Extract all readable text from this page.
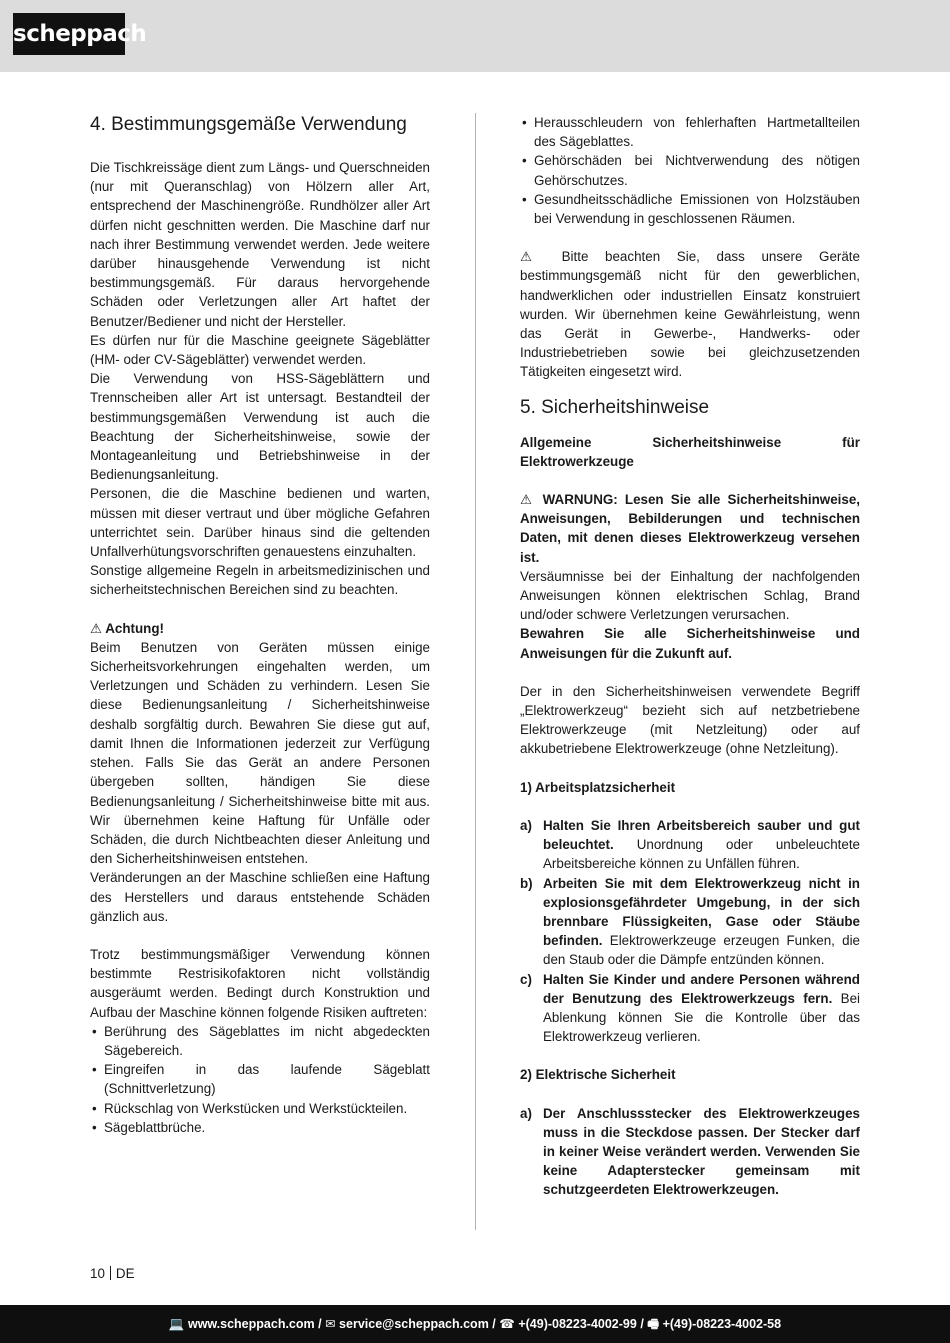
scheppach
4. Bestimmungsgemäße Verwendung

Die Tischkreissäge dient zum Längs- und Querschneiden (nur mit Queranschlag) von Hölzern aller Art, entsprechend der Maschinengröße. Rundhölzer aller Art dürfen nicht geschnitten werden. Die Maschine darf nur nach ihrer Bestimmung verwendet werden. Jede weitere darüber hinausgehende Verwendung ist nicht bestimmungsgemäß. Für daraus hervorgehende Schäden oder Verletzungen aller Art haftet der Benutzer/Bediener und nicht der Hersteller.

Es dürfen nur für die Maschine geeignete Sägeblätter (HM- oder CV-Sägeblätter) verwendet werden.

Die Verwendung von HSS-Sägeblättern und Trennscheiben aller Art ist untersagt. Bestandteil der bestimmungsgemäßen Verwendung ist auch die Beachtung der Sicherheitshinweise, sowie der Montageanleitung und Betriebshinweise in der Bedienungsanleitung.

Personen, die die Maschine bedienen und warten, müssen mit dieser vertraut und über mögliche Gefahren unterrichtet sein. Darüber hinaus sind die geltenden Unfallverhütungsvorschriften genauestens einzuhalten.

Sonstige allgemeine Regeln in arbeitsmedizinischen und sicherheitstechnischen Bereichen sind zu beachten.

⚠ Achtung!

Beim Benutzen von Geräten müssen einige Sicherheitsvorkehrungen eingehalten werden, um Verletzungen und Schäden zu verhindern. Lesen Sie diese Bedienungsanleitung / Sicherheitshinweise deshalb sorgfältig durch. Bewahren Sie diese gut auf, damit Ihnen die Informationen jederzeit zur Verfügung stehen. Falls Sie das Gerät an andere Personen übergeben sollten, händigen Sie diese Bedienungsanleitung / Sicherheitshinweise bitte mit aus. Wir übernehmen keine Haftung für Unfälle oder Schäden, die durch Nichtbeachten dieser Anleitung und den Sicherheitshinweisen entstehen.

Veränderungen an der Maschine schließen eine Haftung des Herstellers und daraus entstehende Schäden gänzlich aus.

Trotz bestimmungsmäßiger Verwendung können bestimmte Restrisikofaktoren nicht vollständig ausgeräumt werden. Bedingt durch Konstruktion und Aufbau der Maschine können folgende Risiken auftreten:

• Berührung des Sägeblattes im nicht abgedeckten Sägebereich.
• Eingreifen in das laufende Sägeblatt (Schnittverletzung)
• Rückschlag von Werkstücken und Werkstückteilen.
• Sägeblattbrüche.
• Herausschleudern von fehlerhaften Hartmetallteilen des Sägeblattes.
• Gehörschäden bei Nichtverwendung des nötigen Gehörschutzes.
• Gesundheitsschädliche Emissionen von Holzstäuben bei Verwendung in geschlossenen Räumen.

⚠ Bitte beachten Sie, dass unsere Geräte bestimmungsgemäß nicht für den gewerblichen, handwerklichen oder industriellen Einsatz konstruiert wurden. Wir übernehmen keine Gewährleistung, wenn das Gerät in Gewerbe-, Handwerks- oder Industriebetrieben sowie bei gleichzusetzenden Tätigkeiten eingesetzt wird.

5. Sicherheitshinweise

Allgemeine Sicherheitshinweise für Elektrowerkzeuge

⚠ WARNUNG: Lesen Sie alle Sicherheitshinweise, Anweisungen, Bebilderungen und technischen Daten, mit denen dieses Elektrowerkzeug versehen ist.

Versäumnisse bei der Einhaltung der nachfolgenden Anweisungen können elektrischen Schlag, Brand und/oder schwere Verletzungen verursachen.

Bewahren Sie alle Sicherheitshinweise und Anweisungen für die Zukunft auf.

Der in den Sicherheitshinweisen verwendete Begriff „Elektrowerkzeug“ bezieht sich auf netzbetriebene Elektrowerkzeuge (mit Netzleitung) oder auf akkubetriebene Elektrowerkzeuge (ohne Netzleitung).

1) Arbeitsplatzsicherheit

a) Halten Sie Ihren Arbeitsbereich sauber und gut beleuchtet. Unordnung oder unbeleuchtete Arbeitsbereiche können zu Unfällen führen.
b) Arbeiten Sie mit dem Elektrowerkzeug nicht in explosionsgefährdeter Umgebung, in der sich brennbare Flüssigkeiten, Gase oder Stäube befinden. Elektrowerkzeuge erzeugen Funken, die den Staub oder die Dämpfe entzünden können.
c) Halten Sie Kinder und andere Personen während der Benutzung des Elektrowerkzeugs fern. Bei Ablenkung können Sie die Kontrolle über das Elektrowerkzeug verlieren.

2) Elektrische Sicherheit

a) Der Anschlussstecker des Elektrowerkzeuges muss in die Steckdose passen. Der Stecker darf in keiner Weise verändert werden. Verwenden Sie keine Adapterstecker gemeinsam mit schutzgeerdeten Elektrowerkzeugen.
10 DE
💻 www.scheppach.com / ✉ service@scheppach.com / ☎ +(49)-08223-4002-99 / 🖷 +(49)-08223-4002-58
